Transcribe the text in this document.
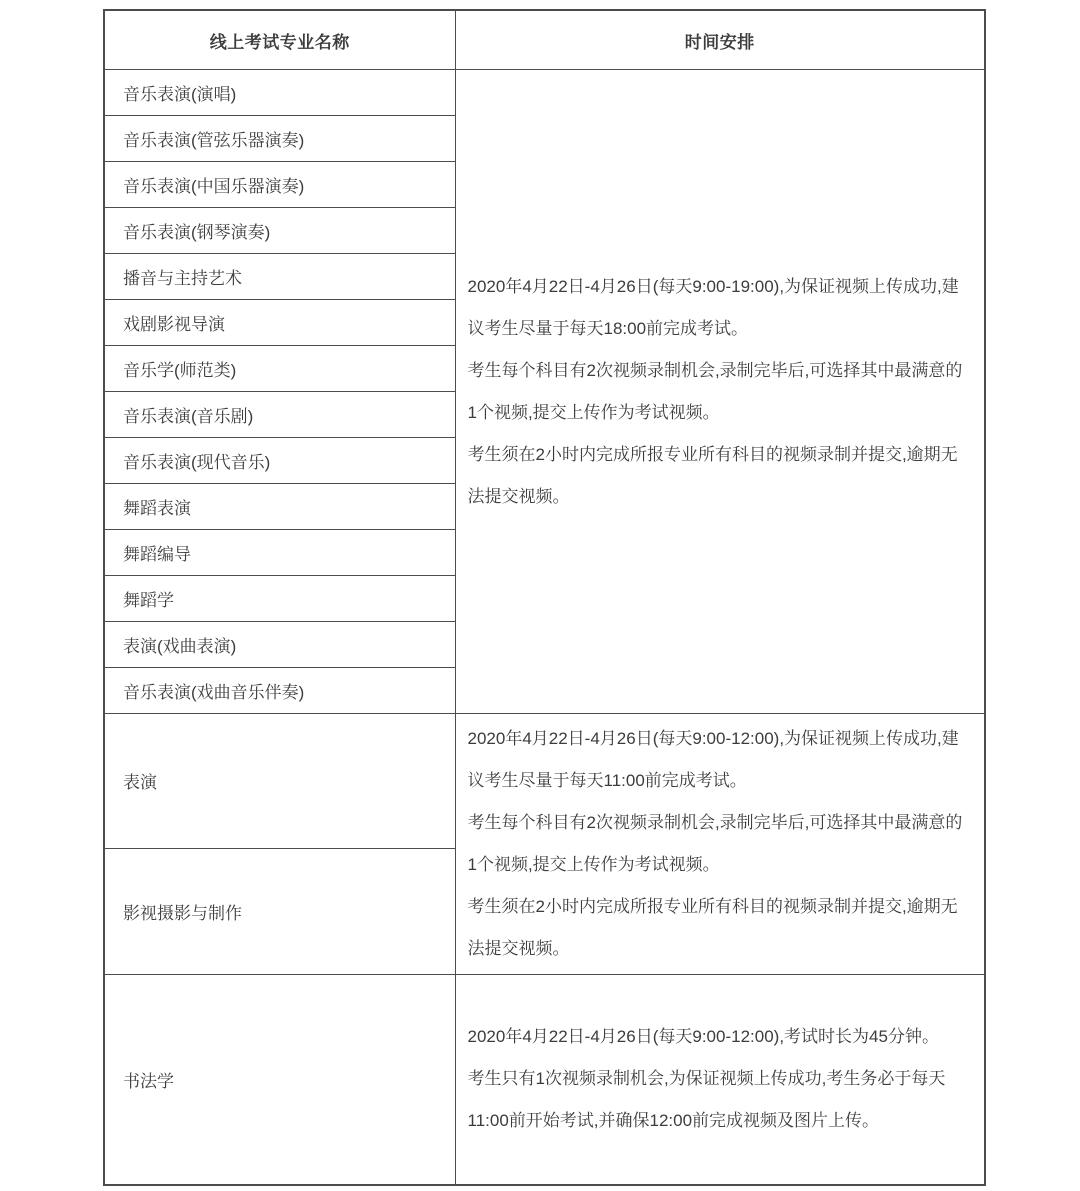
线上考试专业名称	时间安排
音乐表演(演唱)	2020年4月22日-4月26日(每天9:00-19:00),为保证视频上传成功,建议考生尽量于每天18:00前完成考试。

考生每个科目有2次视频录制机会,录制完毕后,可选择其中最满意的1个视频,提交上传作为考试视频。

考生须在2小时内完成所报专业所有科目的视频录制并提交,逾期无法提交视频。

音乐表演(管弦乐器演奏)	
音乐表演(中国乐器演奏)	
音乐表演(钢琴演奏)	
播音与主持艺术	
戏剧影视导演	
音乐学(师范类)	
音乐表演(音乐剧)	
音乐表演(现代音乐)	
舞蹈表演	
舞蹈编导	
舞蹈学	
表演(戏曲表演)	
音乐表演(戏曲音乐伴奏)	
表演	2020年4月22日-4月26日(每天9:00-12:00),为保证视频上传成功,建议考生尽量于每天11:00前完成考试。

考生每个科目有2次视频录制机会,录制完毕后,可选择其中最满意的1个视频,提交上传作为考试视频。

考生须在2小时内完成所报专业所有科目的视频录制并提交,逾期无法提交视频。

影视摄影与制作	
书法学	2020年4月22日-4月26日(每天9:00-12:00),考试时长为45分钟。

考生只有1次视频录制机会,为保证视频上传成功,考生务必于每天11:00前开始考试,并确保12:00前完成视频及图片上传。
